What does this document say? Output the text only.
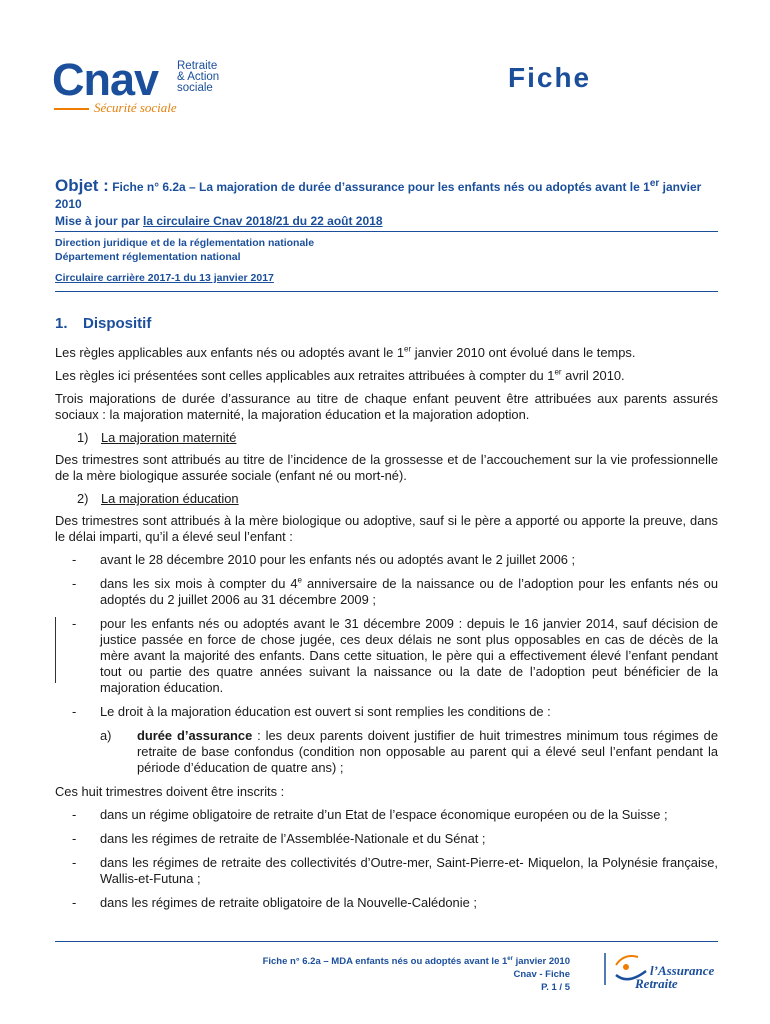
Cnav Retraite
& Action
sociale
Sécurité sociale
Fiche
Objet : Fiche n° 6.2a – La majoration de durée d’assurance pour les enfants nés ou adoptés avant le 1er janvier 2010
Mise à jour par la circulaire Cnav 2018/21 du 22 août 2018
Direction juridique et de la réglementation nationale
Département réglementation national
Circulaire carrière 2017-1 du 13 janvier 2017
1. Dispositif

Les règles applicables aux enfants nés ou adoptés avant le 1er janvier 2010 ont évolué dans le temps.

Les règles ici présentées sont celles applicables aux retraites attribuées à compter du 1er avril 2010.

Trois majorations de durée d’assurance au titre de chaque enfant peuvent être attribuées aux parents assurés sociaux : la majoration maternité, la majoration éducation et la majoration adoption.

1) La majoration maternité

Des trimestres sont attribués au titre de l’incidence de la grossesse et de l’accouchement sur la vie professionnelle de la mère biologique assurée sociale (enfant né ou mort-né).

2) La majoration éducation

Des trimestres sont attribués à la mère biologique ou adoptive, sauf si le père a apporté ou apporte la preuve, dans le délai imparti, qu’il a élevé seul l’enfant :

- avant le 28 décembre 2010 pour les enfants nés ou adoptés avant le 2 juillet 2006 ;
- dans les six mois à compter du 4e anniversaire de la naissance ou de l’adoption pour les enfants nés ou adoptés du 2 juillet 2006 au 31 décembre 2009 ;
- pour les enfants nés ou adoptés avant le 31 décembre 2009 : depuis le 16 janvier 2014, sauf décision de justice passée en force de chose jugée, ces deux délais ne sont plus opposables en cas de décès de la mère avant la majorité des enfants. Dans cette situation, le père qui a effectivement élevé l’enfant pendant tout ou partie des quatre années suivant la naissance ou la date de l’adoption peut bénéficier de la majoration éducation.
- Le droit à la majoration éducation est ouvert si sont remplies les conditions de :
a) durée d’assurance : les deux parents doivent justifier de huit trimestres minimum tous régimes de retraite de base confondus (condition non opposable au parent qui a élevé seul l’enfant pendant la période d’éducation de quatre ans) ;

Ces huit trimestres doivent être inscrits :

- dans un régime obligatoire de retraite d’un Etat de l’espace économique européen ou de la Suisse ;
- dans les régimes de retraite de l’Assemblée-Nationale et du Sénat ;
- dans les régimes de retraite des collectivités d’Outre-mer, Saint-Pierre-et- Miquelon, la Polynésie française, Wallis-et-Futuna ;
- dans les régimes de retraite obligatoire de la Nouvelle-Calédonie ;
Fiche n° 6.2a – MDA enfants nés ou adoptés avant le 1er janvier 2010
Cnav - Fiche
P. 1 / 5
l’Assurance
Retraite
